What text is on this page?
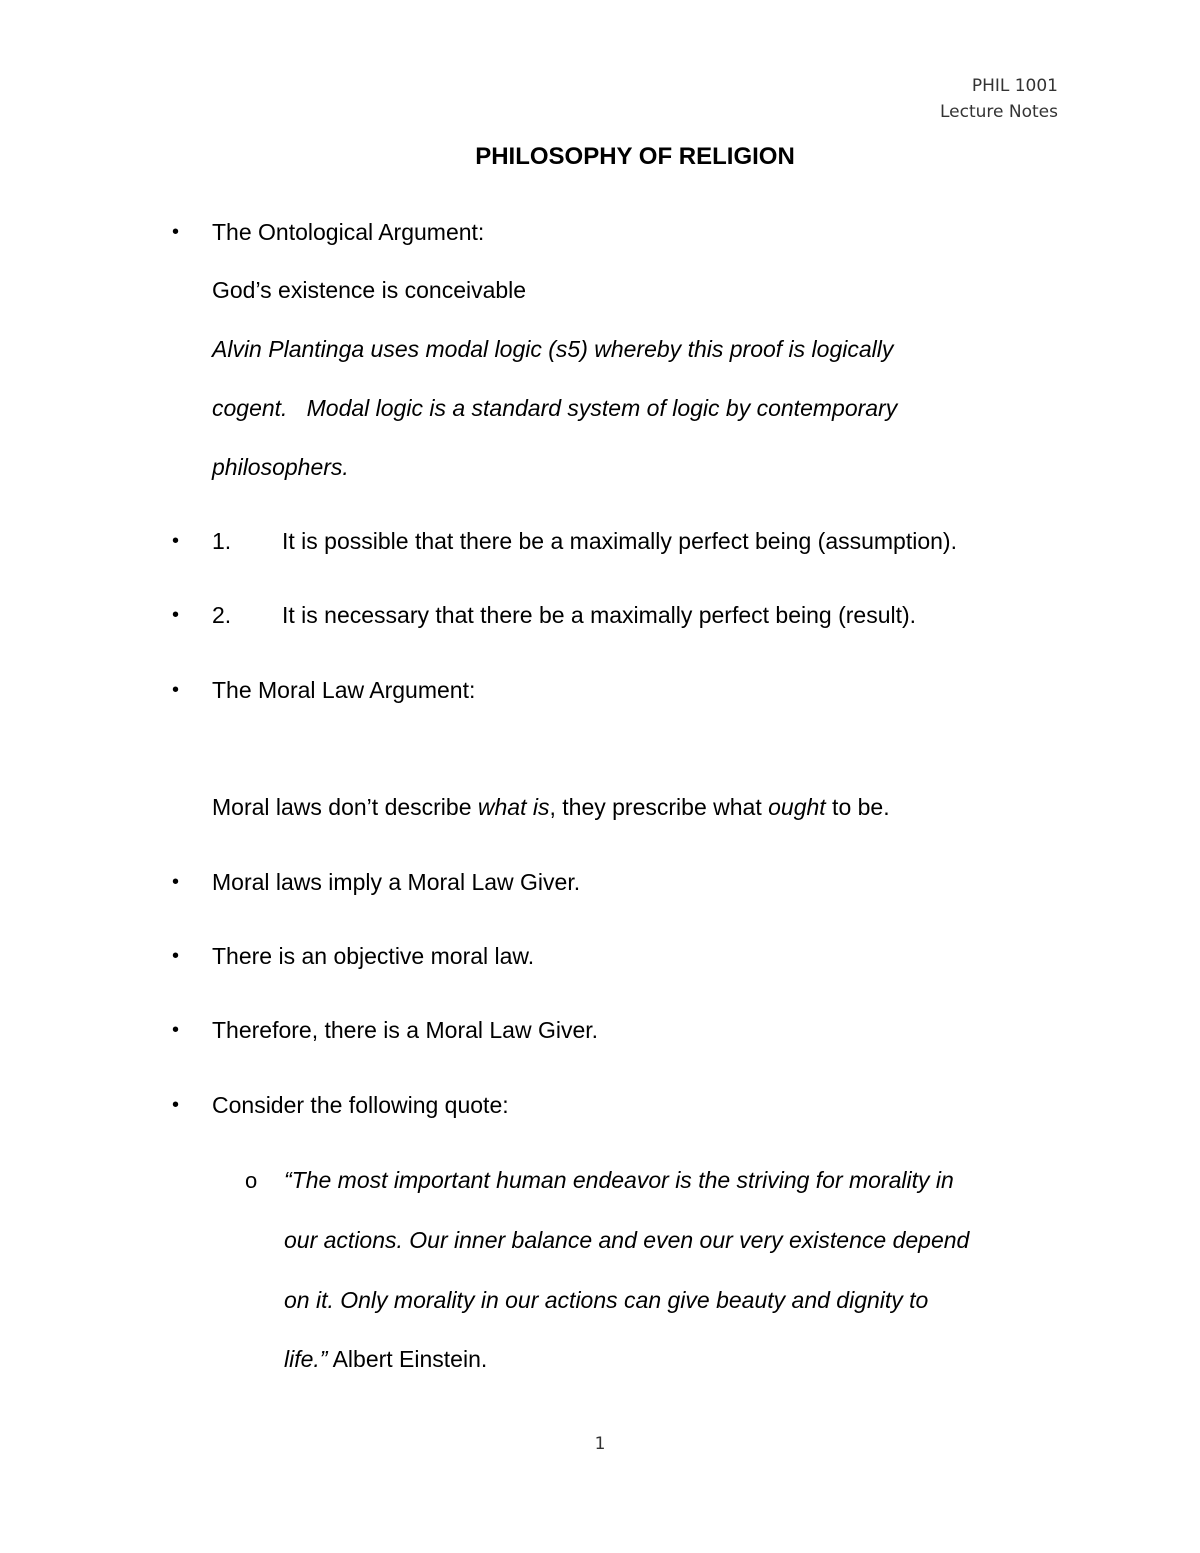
PHIL 1001
Lecture Notes
PHILOSOPHY OF RELIGION
• The Ontological Argument:
God’s existence is conceivable
Alvin Plantinga uses modal logic (s5) whereby this proof is logically
cogent.   Modal logic is a standard system of logic by contemporary
philosophers.
• 1. It is possible that there be a maximally perfect being (assumption).
• 2. It is necessary that there be a maximally perfect being (result).
• The Moral Law Argument:
Moral laws don’t describe what is, they prescribe what ought to be.
• Moral laws imply a Moral Law Giver.
• There is an objective moral law.
• Therefore, there is a Moral Law Giver.
• Consider the following quote:
o “The most important human endeavor is the striving for morality in
our actions. Our inner balance and even our very existence depend
on it. Only morality in our actions can give beauty and dignity to
life.” Albert Einstein.
1
